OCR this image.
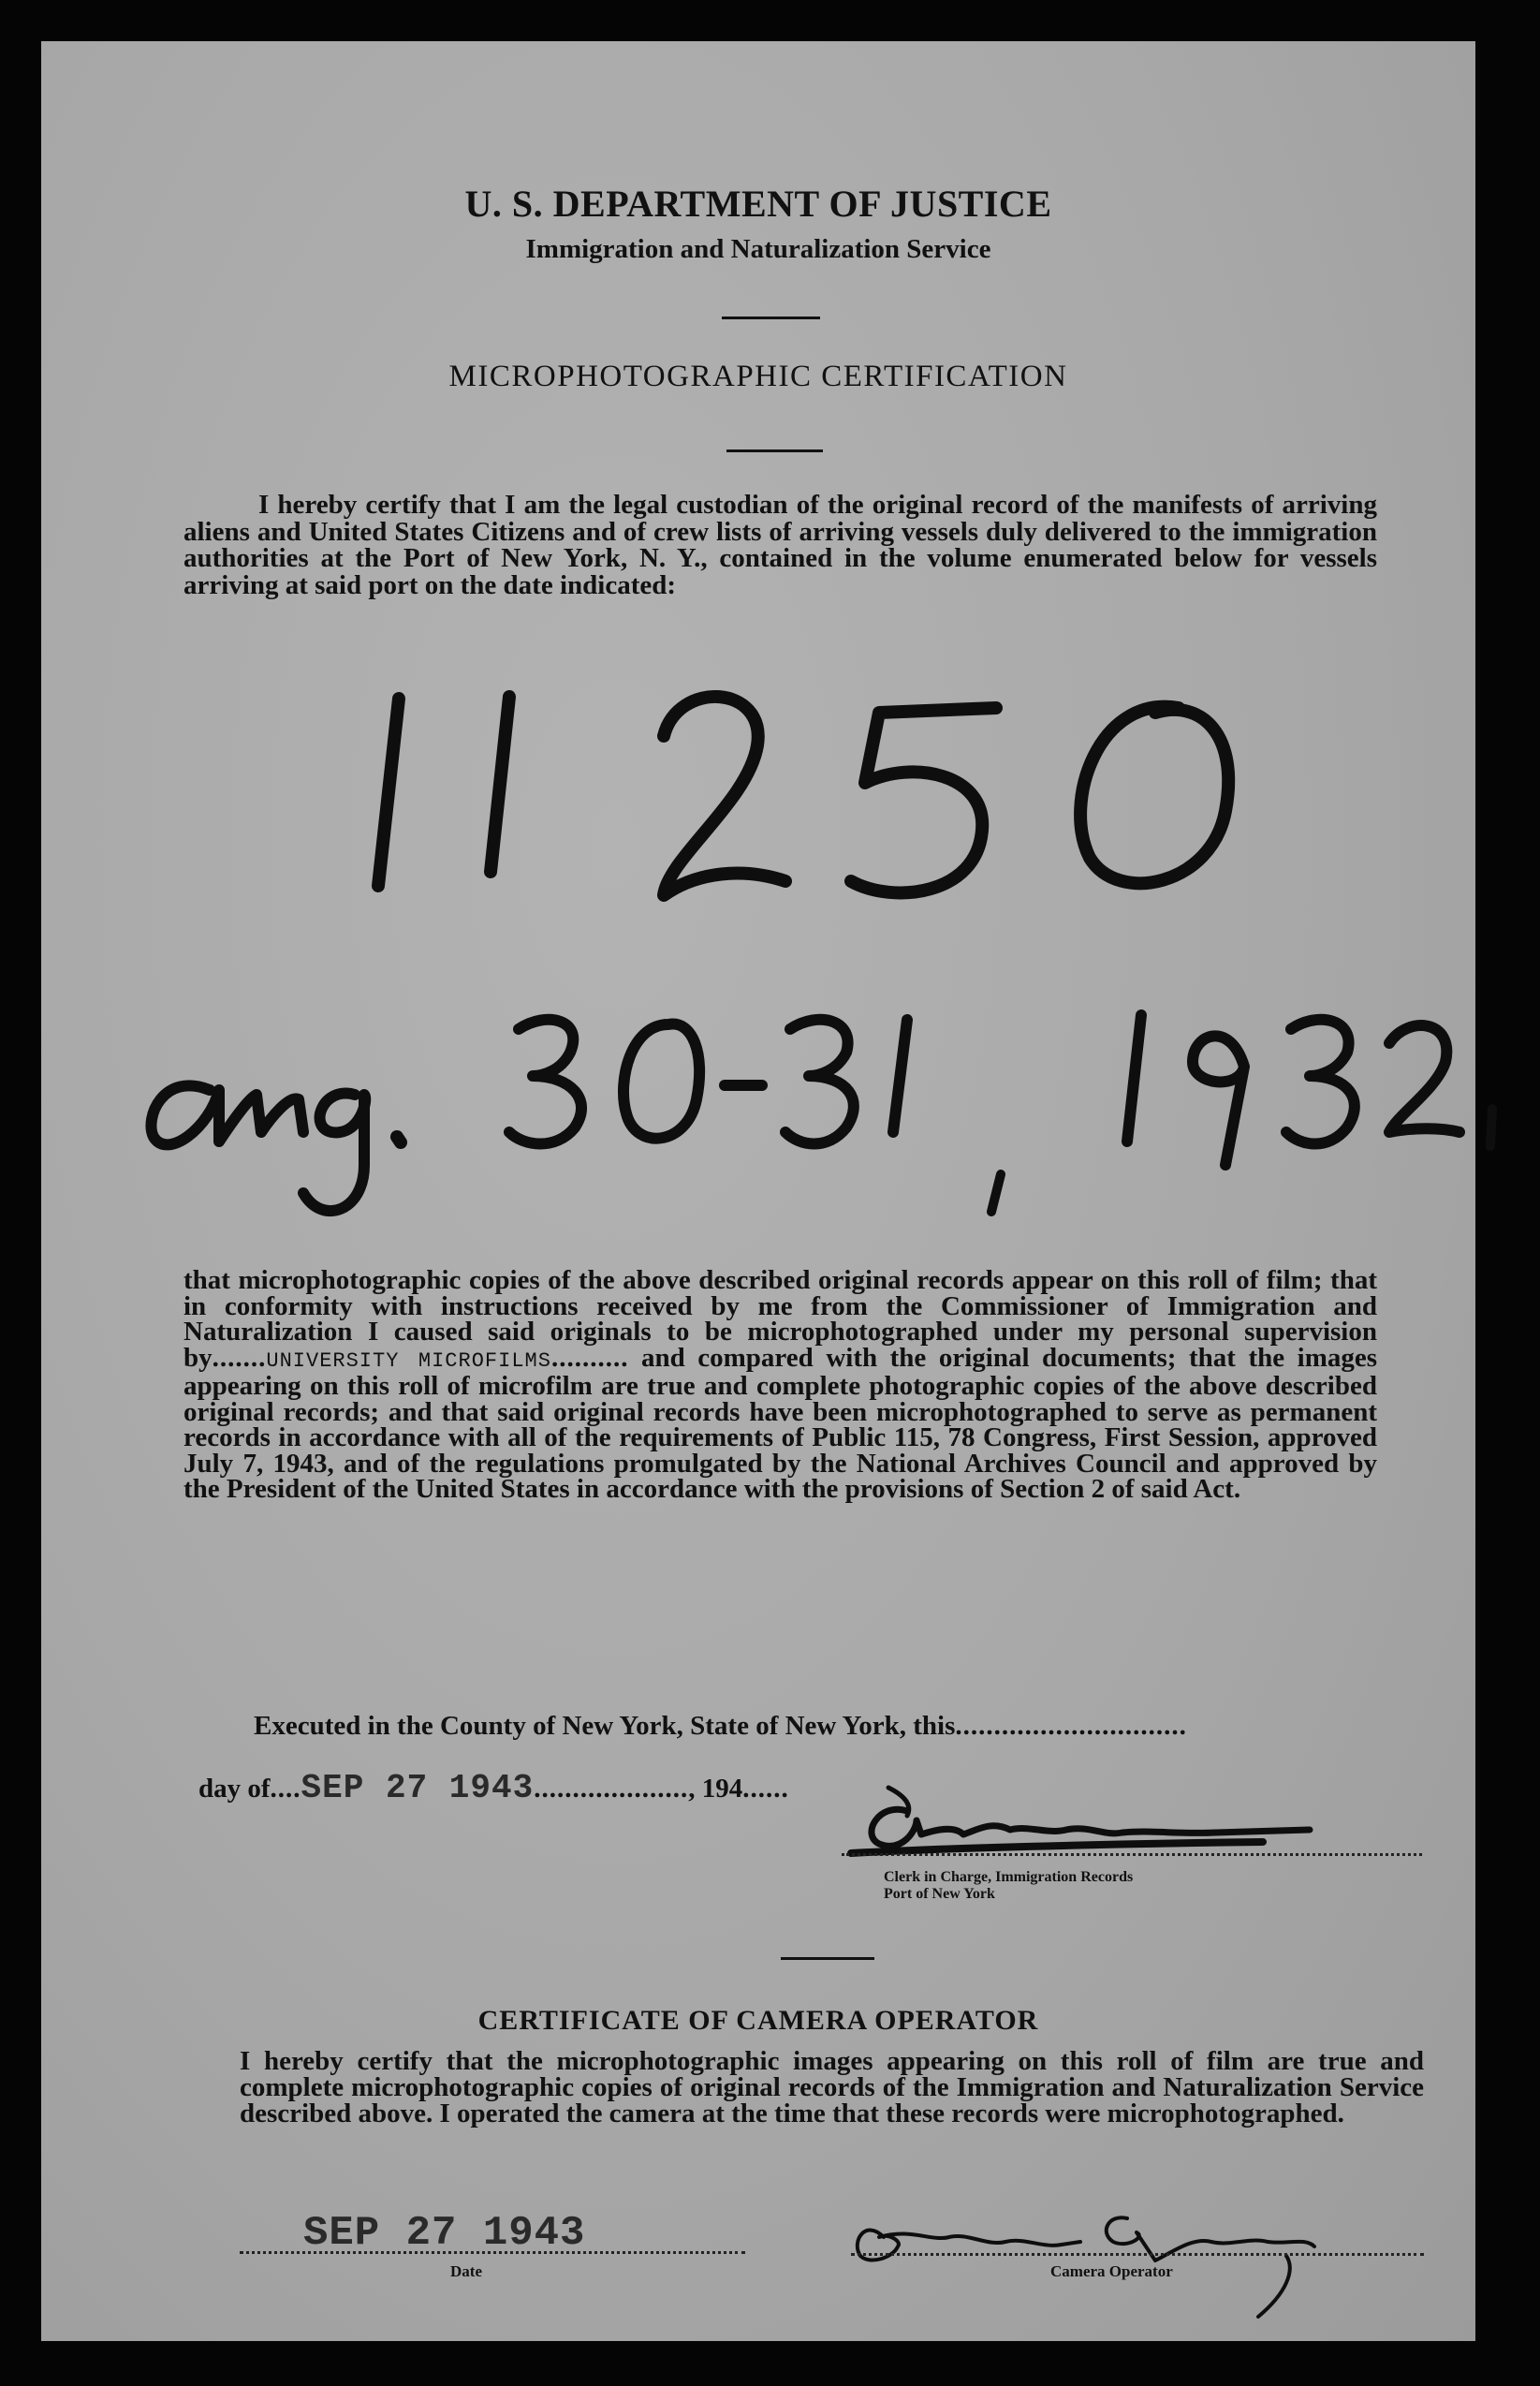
U. S. DEPARTMENT OF JUSTICE
Immigration and Naturalization Service
MICROPHOTOGRAPHIC CERTIFICATION
I hereby certify that I am the legal custodian of the original record of the manifests of arriving aliens and United States Citizens and of crew lists of arriving vessels duly delivered to the immigration authorities at the Port of New York, N. Y., contained in the volume enumerated below for vessels arriving at said port on the date indicated:
that microphotographic copies of the above described original records appear on this roll of film; that in conformity with instructions received by me from the Commissioner of Immigration and Naturalization I caused said originals to be microphotographed under my personal supervision by.......UNIVERSITY MICROFILMS.......... and compared with the original documents; that the images appearing on this roll of microfilm are true and complete photographic copies of the above described original records; and that said original records have been microphotographed to serve as permanent records in accordance with all of the requirements of Public 115, 78 Congress, First Session, approved July 7, 1943, and of the regulations promulgated by the National Archives Council and approved by the President of the United States in accordance with the provisions of Section 2 of said Act.
Executed in the County of New York, State of New York, this..............................
day of....SEP 27 1943...................., 194......
Clerk in Charge, Immigration Records
Port of New York
CERTIFICATE OF CAMERA OPERATOR
I hereby certify that the microphotographic images appearing on this roll of film are true and complete microphotographic copies of original records of the Immigration and Naturalization Service described above. I operated the camera at the time that these records were microphotographed.
SEP 27 1943
Date	Camera Operator
